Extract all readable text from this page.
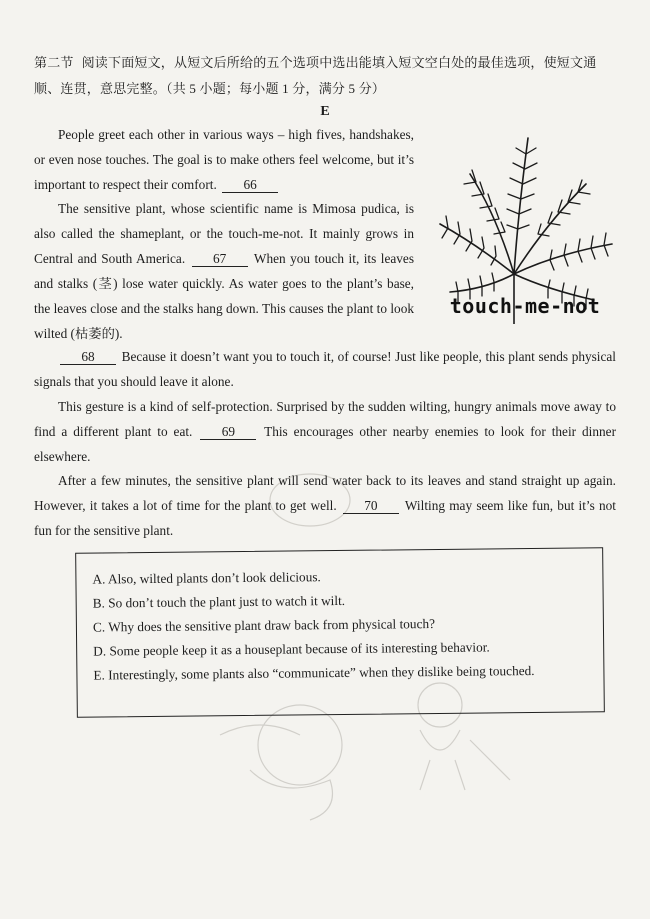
第二节 阅读下面短文，从短文后所给的五个选项中选出能填入短文空白处的最佳选项，使短文通顺、连贯，意思完整。（共 5 小题；每小题 1 分，满分 5 分）
E

People greet each other in various ways – high fives, handshakes, or even nose touches. The goal is to make others feel welcome, but it’s important to respect their comfort. 66

The sensitive plant, whose scientific name is Mimosa pudica, is also called the shameplant, or the touch-me-not. It mainly grows in Central and South America. 67 When you touch it, its leaves and stalks (茎) lose water quickly. As water goes to the plant’s base, the leaves close and the stalks hang down. This causes the plant to look wilted (枯萎的).

68 Because it doesn’t want you to touch it, of course! Just like people, this plant sends physical signals that you should leave it alone.

This gesture is a kind of self-protection. Surprised by the sudden wilting, hungry animals move away to find a different plant to eat. 69 This encourages other nearby enemies to look for their dinner elsewhere.

After a few minutes, the sensitive plant will send water back to its leaves and stand straight up again. However, it takes a lot of time for the plant to get well. 70 Wilting may seem like fun, but it’s not fun for the sensitive plant.

touch-me-not
A. Also, wilted plants don’t look delicious.
B. So don’t touch the plant just to watch it wilt.
C. Why does the sensitive plant draw back from physical touch?
D. Some people keep it as a houseplant because of its interesting behavior.
E. Interestingly, some plants also “communicate” when they dislike being touched.
